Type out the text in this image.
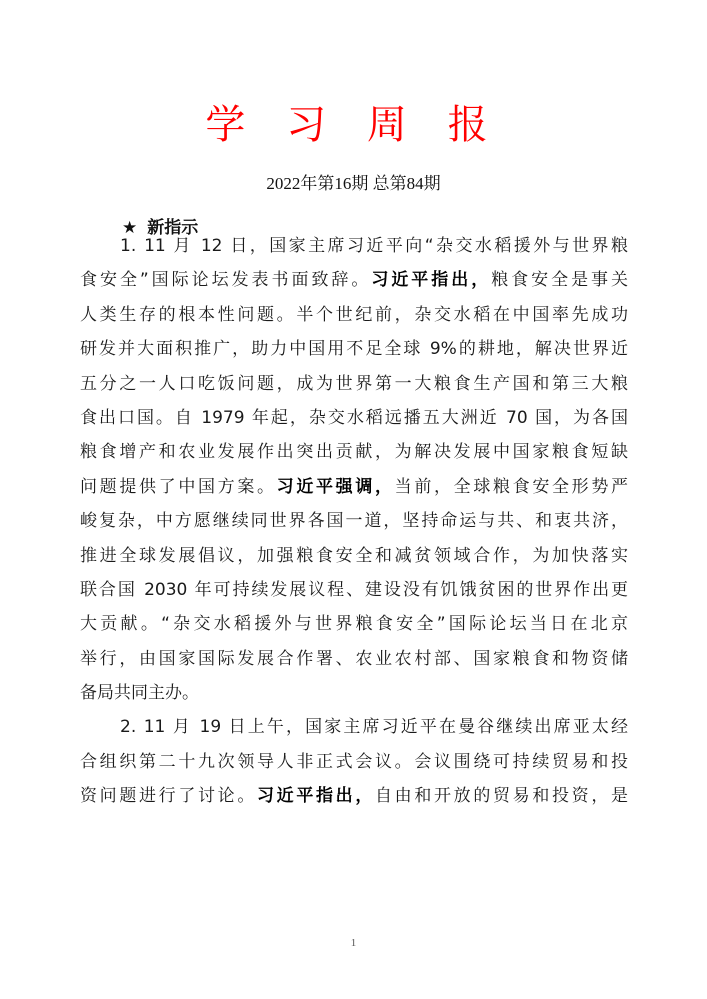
学 习 周 报
2022年第16期 总第84期
★ 新指示
1. 11 月 12 日，国家主席习近平向“杂交水稻援外与世界粮
食安全”国际论坛发表书面致辞。习近平指出，粮食安全是事关
人类生存的根本性问题。半个世纪前，杂交水稻在中国率先成功
研发并大面积推广，助力中国用不足全球 9%的耕地，解决世界近
五分之一人口吃饭问题，成为世界第一大粮食生产国和第三大粮
食出口国。自 1979 年起，杂交水稻远播五大洲近 70 国，为各国
粮食增产和农业发展作出突出贡献，为解决发展中国家粮食短缺
问题提供了中国方案。习近平强调，当前，全球粮食安全形势严
峻复杂，中方愿继续同世界各国一道，坚持命运与共、和衷共济，
推进全球发展倡议，加强粮食安全和减贫领域合作，为加快落实
联合国 2030 年可持续发展议程、建设没有饥饿贫困的世界作出更
大贡献。“杂交水稻援外与世界粮食安全”国际论坛当日在北京
举行，由国家国际发展合作署、农业农村部、国家粮食和物资储
备局共同主办。
2. 11 月 19 日上午，国家主席习近平在曼谷继续出席亚太经
合组织第二十九次领导人非正式会议。会议围绕可持续贸易和投
资问题进行了讨论。习近平指出，自由和开放的贸易和投资，是
1
